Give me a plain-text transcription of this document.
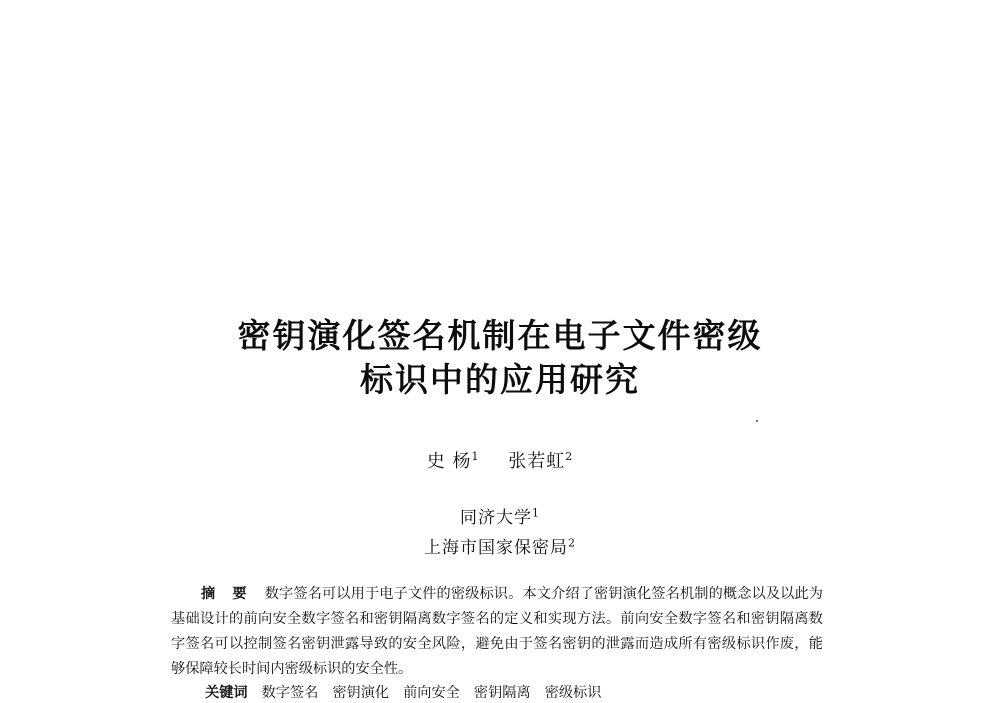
密钥演化签名机制在电子文件密级
标识中的应用研究
史 杨$^1$ 张若虹$^2$
同济大学$^1$
上海市国家保密局$^2$

摘 要 数字签名可以用于电子文件的密级标识。本文介绍了密钥演化签名机制的概念以及以此为基础设计的前向安全数字签名和密钥隔离数字签名的定义和实现方法。前向安全数字签名和密钥隔离数字签名可以控制签名密钥泄露导致的安全风险，避免由于签名密钥的泄露而造成所有密级标识作废，能够保障较长时间内密级标识的安全性。

关键词 数字签名 密钥演化 前向安全 密钥隔离 密级标识
